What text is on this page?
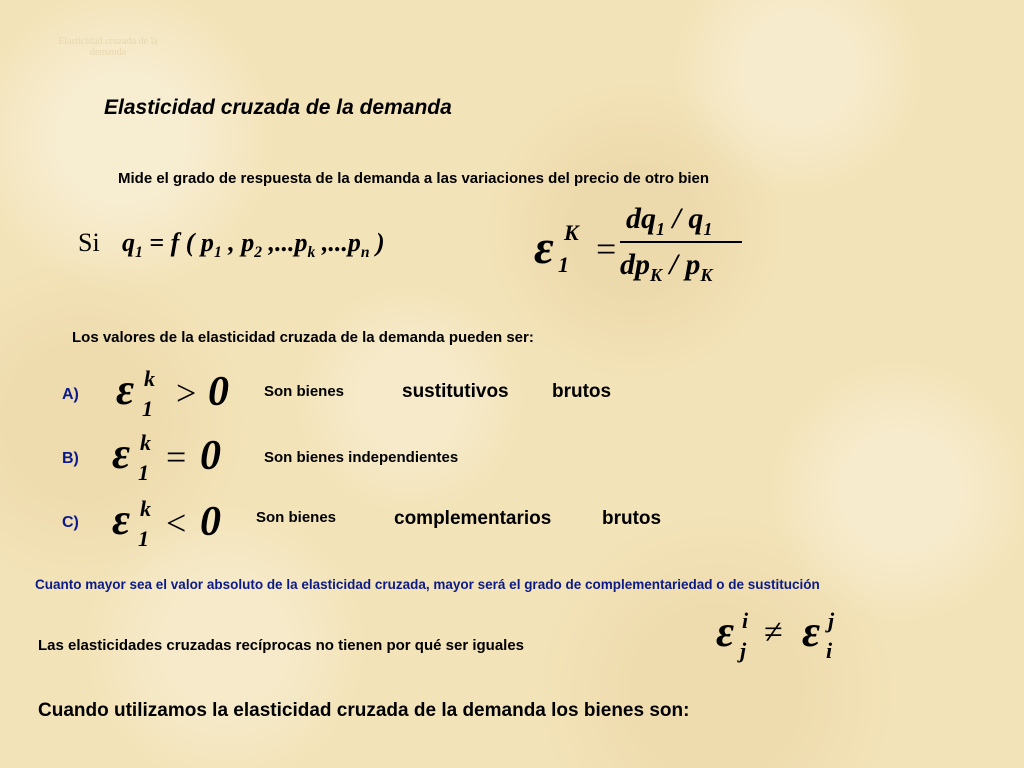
Elasticidad cruzada de la
demanda
Elasticidad cruzada de la demanda
Mide el grado de respuesta de la demanda a las variaciones del precio de otro bien
Si $q_1 = f$ ( $p_1$ , $p_2$ $,...p_k$ $,...p_n$ )	ε K
1 =
$dq_1 / q_1$
$dp_K / p_K$
Los valores de la elasticidad cruzada de la demanda pueden ser:
A) ε k
1 > 0 Son bienes	sustitutivos brutos
B) ε k
1 = 0	Son bienes independientes
C) ε k
1 < 0 Son bienes	complementarios	brutos
Cuanto mayor sea el valor absoluto de la elasticidad cruzada, mayor será el grado de complementariedad o de sustitución
Las elasticidades cruzadas recíprocas no tienen por qué ser iguales	ε i
j ≠ ε j
i
Cuando utilizamos la elasticidad cruzada de la demanda los bienes son:
